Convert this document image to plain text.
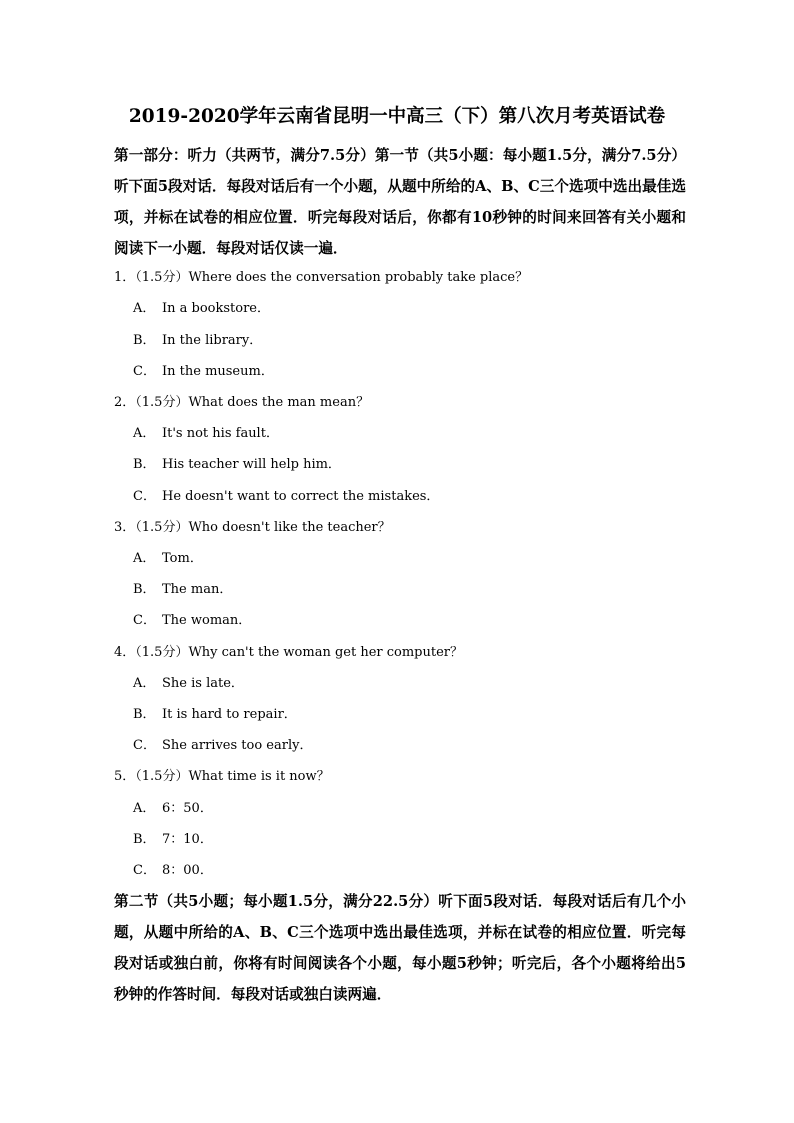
2019-2020学年云南省昆明一中高三（下）第八次月考英语试卷
第一部分：听力（共两节，满分7.5分）第一节（共5小题：每小题1.5分，满分7.5分）听下面5段对话．每段对话后有一个小题，从题中所给的A、B、C三个选项中选出最佳选项，并标在试卷的相应位置．听完每段对话后，你都有10秒钟的时间来回答有关小题和阅读下一小题．每段对话仅读一遍．
1．（1.5分）Where does the conversation probably take place？
A． In a bookstore．
B． In the library．
C． In the museum．
2．（1.5分）What does the man mean？
A． It's not his fault．
B． His teacher will help him．
C． He doesn't want to correct the mistakes．
3．（1.5分）Who doesn't like the teacher？
A． Tom．
B． The man．
C． The woman．
4．（1.5分）Why can't the woman get her computer？
A． She is late．
B． It is hard to repair．
C． She arrives too early．
5．（1.5分）What time is it now？
A． 6：50．
B． 7：10．
C． 8：00．
第二节（共5小题；每小题1.5分，满分22.5分）听下面5段对话．每段对话后有几个小题，从题中所给的A、B、C三个选项中选出最佳选项，并标在试卷的相应位置．听完每段对话或独白前，你将有时间阅读各个小题，每小题5秒钟；听完后，各个小题将给出5秒钟的作答时间．每段对话或独白读两遍．
